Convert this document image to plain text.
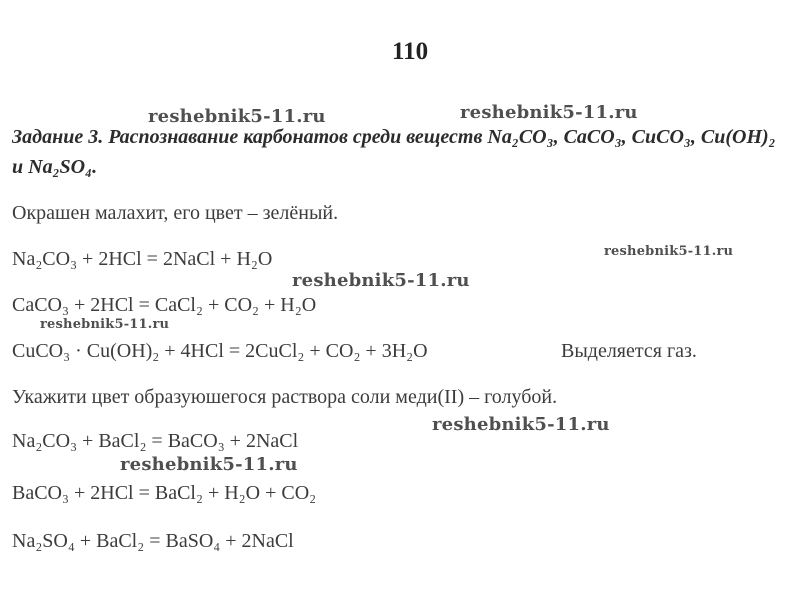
110
Задание 3. Распознавание карбонатов среди веществ Na₂CO₃, CaCO₃, CuCO₃, Cu(OH)₂ и Na₂SO₄.
Окрашен малахит, его цвет – зелёный.
Na₂CO₃ + 2HCl = 2NaCl + H₂O
CaCO₃ + 2HCl = CaCl₂ + CO₂ + H₂O
CuCO₃ · Cu(OH)₂ + 4HCl = 2CuCl₂ + CO₂ + 3H₂O	Выделяется газ.
Укажити цвет образуюшегося раствора соли меди(II) – голубой.
Na₂CO₃ + BaCl₂ = BaCO₃ + 2NaCl
BaCO₃ + 2HCl = BaCl₂ + H₂O + CO₂
Na₂SO₄ + BaCl₂ = BaSO₄ + 2NaCl
reshebnik5-11.ru	reshebnik5-11.ru
reshebnik5-11.ru
reshebnik5-11.ru
reshebnik5-11.ru
reshebnik5-11.ru
reshebnik5-11.ru
